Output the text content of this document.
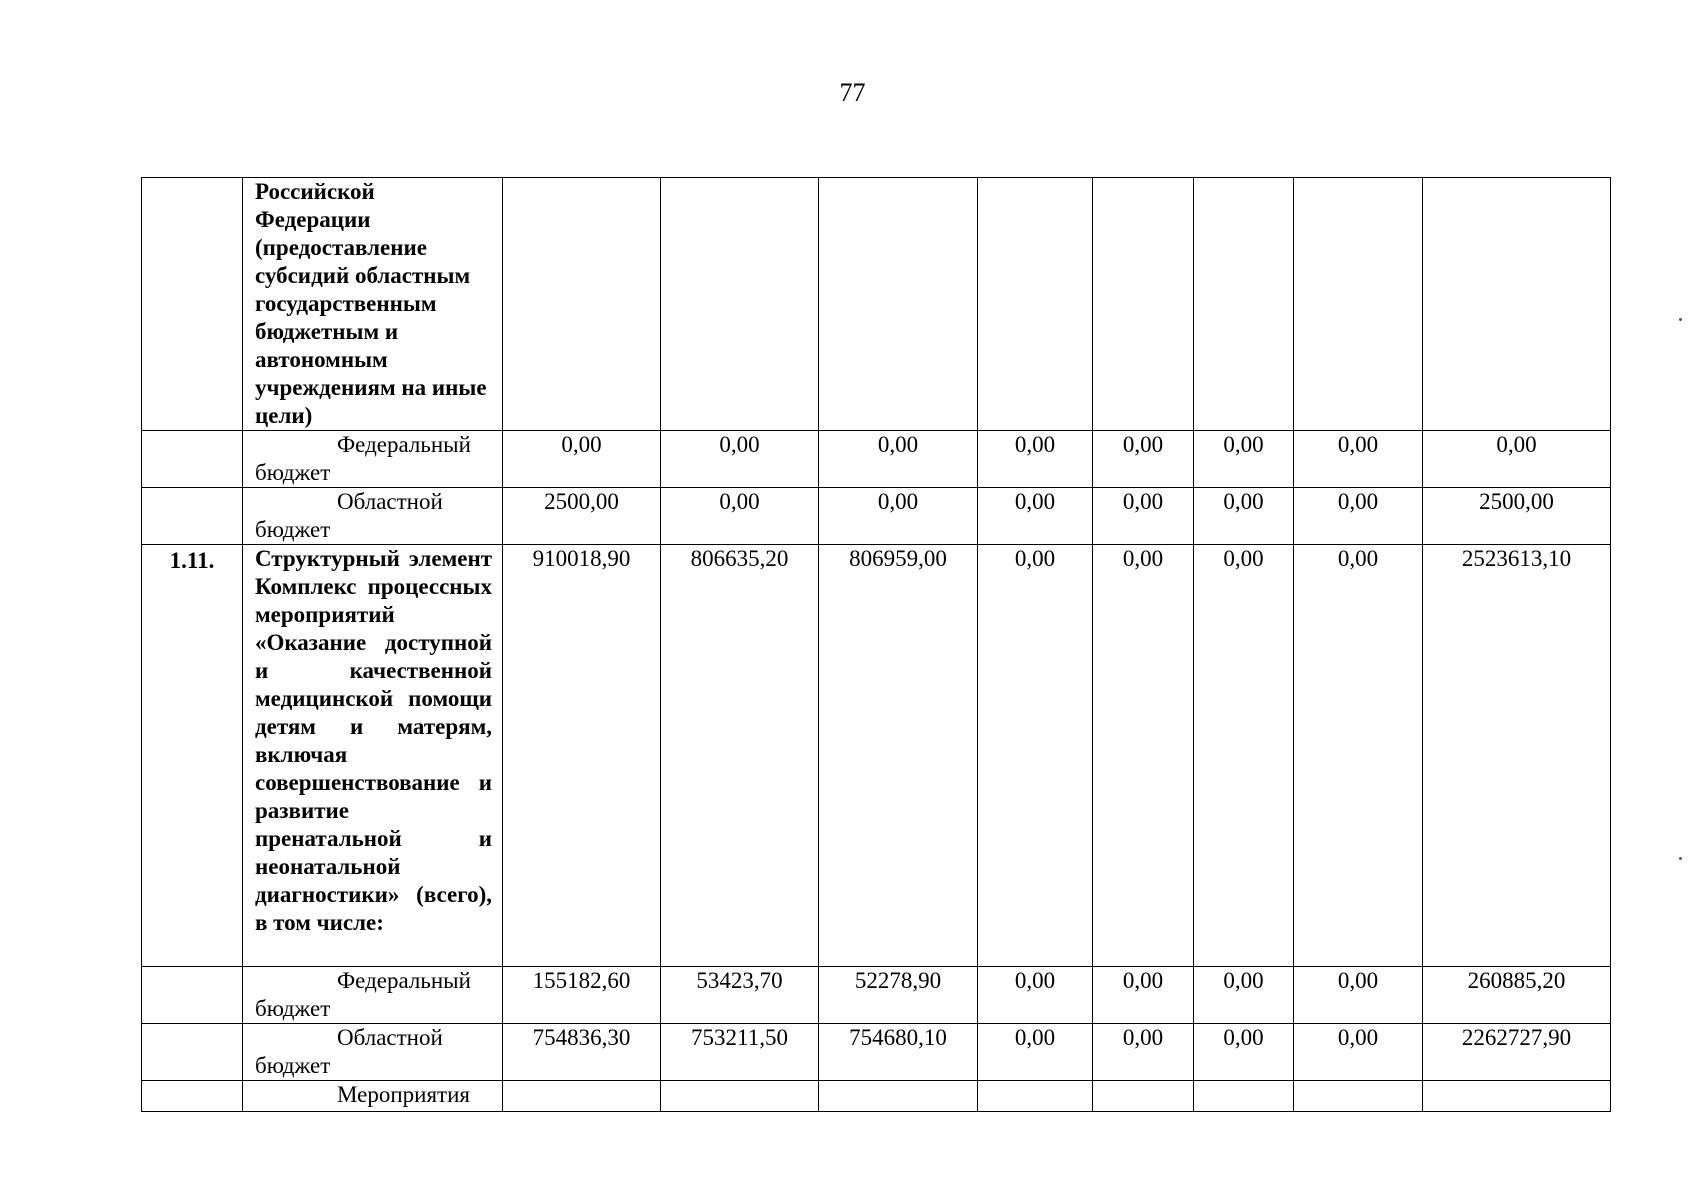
77
	Российской Федерации (предоставление субсидий областным государственным бюджетным и автономным учреждениям на иные цели)								
	Федеральный бюджет	0,00	0,00	0,00	0,00	0,00	0,00	0,00	0,00
	Областной бюджет	2500,00	0,00	0,00	0,00	0,00	0,00	0,00	2500,00
1.11.	Структурный элемент Комплекс процессных мероприятий «Оказание доступной и качественной медицинской помощи детям и матерям, включая совершенствование и развитие пренатальной и неонатальной диагностики» (всего), в том числе:	910018,90	806635,20	806959,00	0,00	0,00	0,00	0,00	2523613,10
	Федеральный бюджет	155182,60	53423,70	52278,90	0,00	0,00	0,00	0,00	260885,20
	Областной бюджет	754836,30	753211,50	754680,10	0,00	0,00	0,00	0,00	2262727,90
	Мероприятия								
